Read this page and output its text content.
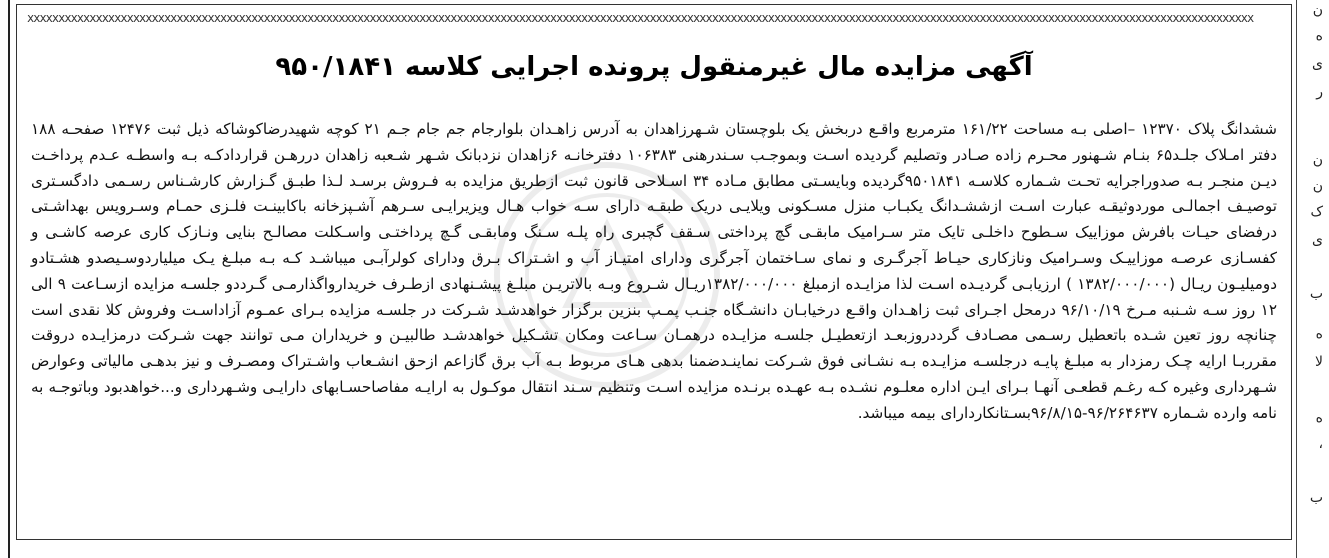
xxxxxxxxxxxxxxxxxxxxxxxxxxxxxxxxxxxxxxxxxxxxxxxxxxxxxxxxxxxxxxxxxxxxxxxxxxxxxxxxxxxxxxxxxxxxxxxxxxxxxxxxxxxxxxxxxxxxxxxxxxxxxxxxxxxxxxxxxxxxxxxxxxxxxxxxxxxxxxxxxxxxxxxxxxxxxxxxxxxxxxxxxxxxxxxxxxxxx
آگهی مزایده مال غیرمنقول پرونده اجرایی کلاسه ۹۵۰/۱۸۴۱
ششدانگ پلاک ۱۲۳۷۰ –اصلی بـه مساحت ۱۶۱/۲۲ مترمربع واقـع دربخش یک بلوچستان شـهرزاهدان به آدرس زاهـدان بلوارجام جم جام جـم ۲۱ کوچه شهیدرضاکوشاکه ذیل ثبت ۱۲۴۷۶ صفحـه ۱۸۸ دفتر امـلاک جلـد۶۵ بنـام شـهنور محـرم زاده صـادر وتصلیم گردیده اسـت وبموجـب سـندرهنی ۱۰۶۳۸۳ دفترخانـه ۶زاهدان نزدبانک شـهر شـعبه زاهدان دررهـن قراردادکـه بـه واسطـه عـدم پرداخـت دیـن منجـر بـه صدوراجرایه تحـت شـماره کلاسـه ۹۵۰۱۸۴۱گردیده وبایسـتی مطابق مـاده ۳۴ اسـلاحی قانون ثبت ازطریق مزایده به فـروش برسـد لـذا طبـق گـزارش کارشـناس رسـمی دادگسـتری توصیـف اجمالـی موردوثیقـه عبارت اسـت ازششـدانگ یکبـاب منزل مسـکونی ویلایـی دریک طبقـه دارای سـه خواب هـال ویزیرایـی سـرهم آشـپزخانه باکابینـت فلـزی حمـام وسـرویس بهداشـتی درفضای حیـات بافرش موزاییک سـطوح داخلـی تایک متر سـرامیک مابقـی گچ پرداختی سـقف گچبری راه پلـه سـنگ ومابقـی گـچ پرداختـی واسـکلت مصالـح بنایی ونـازک کاری عرصه کاشـی و کفسـازی عرصـه موزاییـک وسـرامیک ونازکاری حیـاط آجرگـری و نمای سـاختمان آجرگری ودارای امتیـاز آب و اشـتراک بـرق ودارای کولرآبـی میباشـد کـه بـه مبلـغ یـک میلیاردوسـیصدو هشـتادو دومیلیـون ریـال (۱۳۸۲/۰۰۰/۰۰۰ ) ارزیابـی گردیـده اسـت لذا مزایـده ازمبلغ ۱۳۸۲/۰۰۰/۰۰۰ریـال شـروع وبـه بالاتریـن مبلـغ پیشـنهادی ازطـرف خریدارواگذارمـی گـرددو جلسـه مزایده ازسـاعت ۹ الی ۱۲ روز سـه شـنبه مـرخ ۹۶/۱۰/۱۹ درمحل اجـرای ثبت زاهـدان واقـع درخیابـان دانشـگاه جنـب پمـپ بنزین برگزار خواهدشـد شـرکت در جلسـه مزایده بـرای عمـوم آزاداسـت وفروش کلا نقدی است چنانچه روز تعین شـده باتعطیل رسـمی مصـادف گرددروزبعـد ازتعطیـل جلسـه مزایـده درهمـان سـاعت ومکان تشـکیل خواهدشـد طالبیـن و خریداران مـی توانند جهت شـرکت درمزایـده دروقت مقرربـا ارایه چـک رمزدار به مبلـغ پایـه درجلسـه مزایـده بـه نشـانی فوق شـرکت نماینـدضمنا بدهی هـای مربوط بـه آب برق گازاعم ازحق انشـعاب واشـتراک ومصـرف و نیز بدهـی مالیاتی وعوارض شـهرداری وغیره کـه رغـم قطعـی آنهـا بـرای ایـن اداره معلـوم نشـده بـه عهـده برنـده مزایده اسـت وتنظیم سـند انتقال موکـول به ارایـه مفاصاحسـابهای دارایـی وشـهرداری و...خواهدبود وباتوجـه به نامه وارده شـماره ۹۶/۲۶۴۶۳۷-۹۶/۸/۱۵بسـتانکاردارای بیمه میباشد.
ن
ه
ی
ر
ن
ن
ک
ی
ب
ه
لا
ه
،
ب
